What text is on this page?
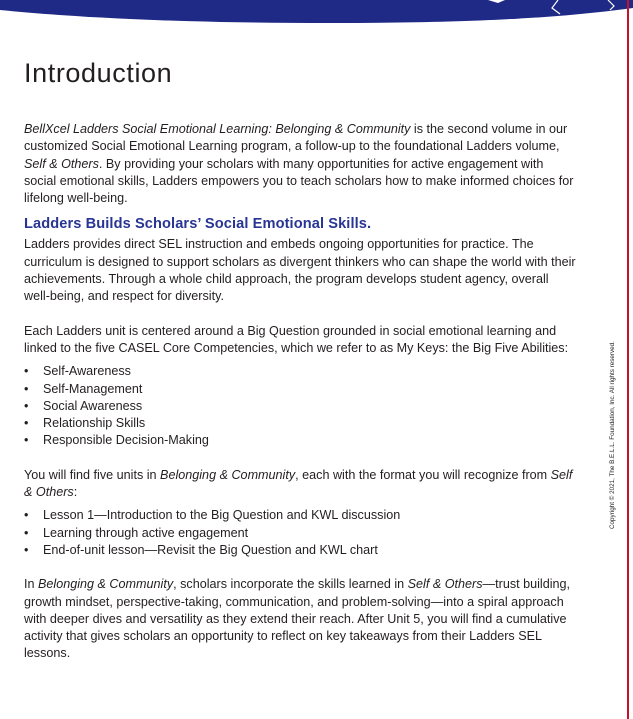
Introduction

BellXcel Ladders Social Emotional Learning: Belonging & Community is the second volume in our customized Social Emotional Learning program, a follow-up to the foundational Ladders volume, Self & Others. By providing your scholars with many opportunities for active engagement with social emotional skills, Ladders empowers you to teach scholars how to make informed choices for lifelong well-being.

Ladders Builds Scholars’ Social Emotional Skills.

Ladders provides direct SEL instruction and embeds ongoing opportunities for practice. The curriculum is designed to support scholars as divergent thinkers who can shape the world with their achievements. Through a whole child approach, the program develops student agency, overall well-being, and respect for diversity.

Each Ladders unit is centered around a Big Question grounded in social emotional learning and linked to the five CASEL Core Competencies, which we refer to as My Keys: the Big Five Abilities:

• Self-Awareness
• Self-Management
• Social Awareness
• Relationship Skills
• Responsible Decision-Making

You will find five units in Belonging & Community, each with the format you will recognize from Self & Others:

• Lesson 1—Introduction to the Big Question and KWL discussion
• Learning through active engagement
• End-of-unit lesson—Revisit the Big Question and KWL chart

In Belonging & Community, scholars incorporate the skills learned in Self & Others—trust building, growth mindset, perspective-taking, communication, and problem-solving—into a spiral approach with deeper dives and versatility as they extend their reach. After Unit 5, you will find a cumulative activity that gives scholars an opportunity to reflect on key takeaways from their Ladders SEL lessons.

Copyright © 2021, The B.E.L.L. Foundation, Inc. All rights reserved.
